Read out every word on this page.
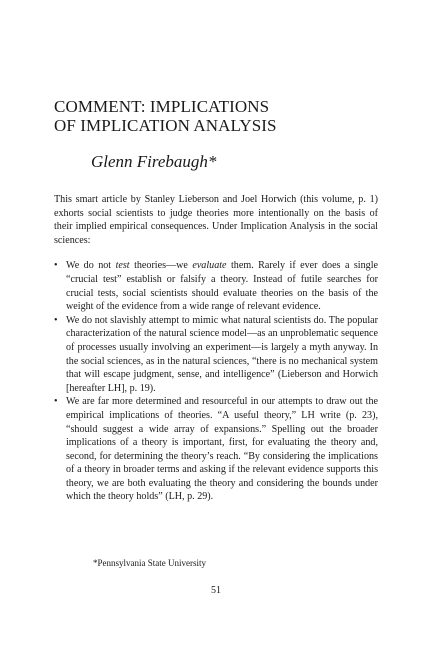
COMMENT: IMPLICATIONS
OF IMPLICATION ANALYSIS
Glenn Firebaugh*

This smart article by Stanley Lieberson and Joel Horwich (this volume, p. 1) exhorts social scientists to judge theories more intentionally on the basis of their implied empirical consequences. Under Implication Analysis in the social sciences:

• We do not test theories—we evaluate them. Rarely if ever does a single “crucial test” establish or falsify a theory. Instead of futile searches for crucial tests, social scientists should evaluate theories on the basis of the weight of the evidence from a wide range of relevant evidence.
• We do not slavishly attempt to mimic what natural scientists do. The popular characterization of the natural science model—as an unproblematic sequence of processes usually involving an experiment—is largely a myth anyway. In the social sciences, as in the natural sciences, “there is no mechanical system that will escape judgment, sense, and intelligence” (Lieberson and Horwich [hereafter LH], p. 19).
• We are far more determined and resourceful in our attempts to draw out the empirical implications of theories. “A useful theory,” LH write (p. 23), “should suggest a wide array of expansions.” Spelling out the broader implications of a theory is important, first, for evaluating the theory and, second, for determining the theory’s reach. “By considering the implications of a theory in broader terms and asking if the relevant evidence supports this theory, we are both evaluating the theory and considering the bounds under which the theory holds” (LH, p. 29).
*Pennsylvania State University
51
